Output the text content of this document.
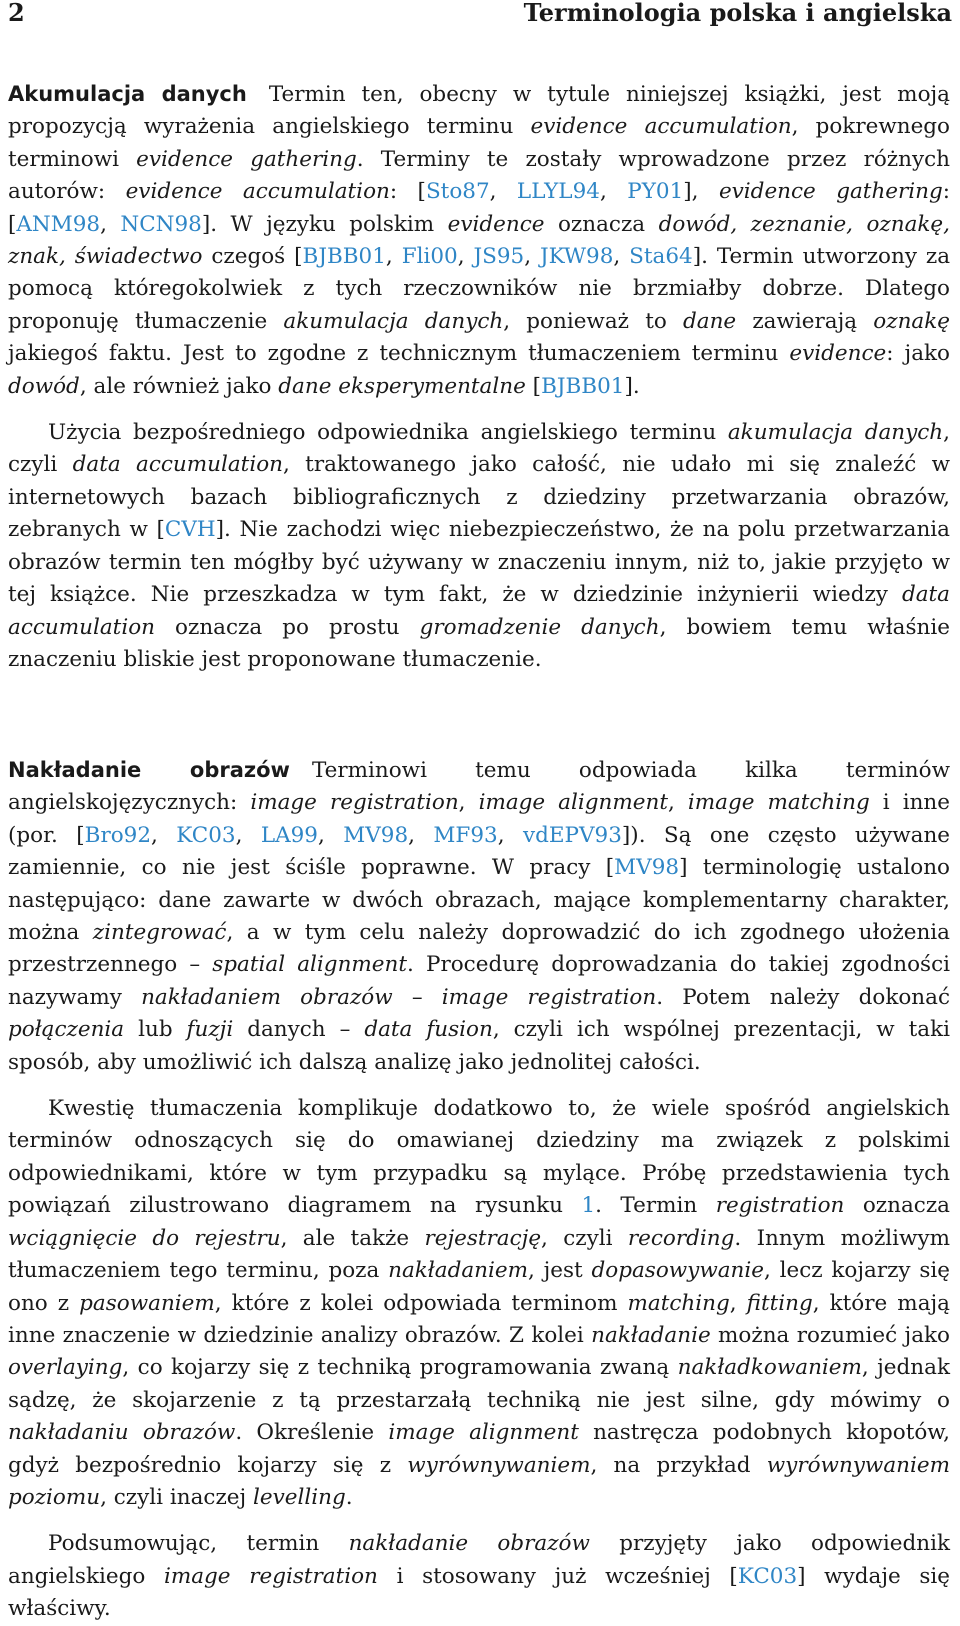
2	Terminologia polska i angielska

Akumulacja danych Termin ten, obecny w tytule niniejszej książki, jest moją propozycją wyrażenia angielskiego terminu evidence accumulation, pokrewnego terminowi evidence gathering. Terminy te zostały wprowadzone przez różnych autorów: evidence accumulation: [Sto87, LLYL94, PY01], evidence gathering: [ANM98, NCN98]. W języku polskim evidence oznacza dowód, zeznanie, oznakę, znak, świadectwo czegoś [BJBB01, Fli00, JS95, JKW98, Sta64]. Termin utworzony za pomocą któregokolwiek z tych rzeczowników nie brzmiałby dobrze. Dlatego proponuję tłumaczenie akumulacja danych, ponieważ to dane zawierają oznakę jakiegoś faktu. Jest to zgodne z technicznym tłumaczeniem terminu evidence: jako dowód, ale również jako dane eksperymentalne [BJBB01].

Użycia bezpośredniego odpowiednika angielskiego terminu akumulacja danych, czyli data accumulation, traktowanego jako całość, nie udało mi się znaleźć w internetowych bazach bibliograficznych z dziedziny przetwarzania obrazów, zebranych w [CVH]. Nie zachodzi więc niebezpieczeństwo, że na polu przetwarzania obrazów termin ten mógłby być używany w znaczeniu innym, niż to, jakie przyjęto w tej książce. Nie przeszkadza w tym fakt, że w dziedzinie inżynierii wiedzy data accumulation oznacza po prostu gromadzenie danych, bowiem temu właśnie znaczeniu bliskie jest proponowane tłumaczenie.

Nakładanie obrazów Terminowi temu odpowiada kilka terminów angielskojęzycznych: image registration, image alignment, image matching i inne (por. [Bro92, KC03, LA99, MV98, MF93, vdEPV93]). Są one często używane zamiennie, co nie jest ściśle poprawne. W pracy [MV98] terminologię ustalono następująco: dane zawarte w dwóch obrazach, mające komplementarny charakter, można zintegrować, a w tym celu należy doprowadzić do ich zgodnego ułożenia przestrzennego – spatial alignment. Procedurę doprowadzania do takiej zgodności nazywamy nakładaniem obrazów – image registration. Potem należy dokonać połączenia lub fuzji danych – data fusion, czyli ich wspólnej prezentacji, w taki sposób, aby umożliwić ich dalszą analizę jako jednolitej całości.

Kwestię tłumaczenia komplikuje dodatkowo to, że wiele spośród angielskich terminów odnoszących się do omawianej dziedziny ma związek z polskimi odpowiednikami, które w tym przypadku są mylące. Próbę przedstawienia tych powiązań zilustrowano diagramem na rysunku 1. Termin registration oznacza wciągnięcie do rejestru, ale także rejestrację, czyli recording. Innym możliwym tłumaczeniem tego terminu, poza nakładaniem, jest dopasowywanie, lecz kojarzy się ono z pasowaniem, które z kolei odpowiada terminom matching, fitting, które mają inne znaczenie w dziedzinie analizy obrazów. Z kolei nakładanie można rozumieć jako overlaying, co kojarzy się z techniką programowania zwaną nakładkowaniem, jednak sądzę, że skojarzenie z tą przestarzałą techniką nie jest silne, gdy mówimy o nakładaniu obrazów. Określenie image alignment nastręcza podobnych kłopotów, gdyż bezpośrednio kojarzy się z wyrównywaniem, na przykład wyrównywaniem poziomu, czyli inaczej levelling.

Podsumowując, termin nakładanie obrazów przyjęty jako odpowiednik angielskiego image registration i stosowany już wcześniej [KC03] wydaje się właściwy.
